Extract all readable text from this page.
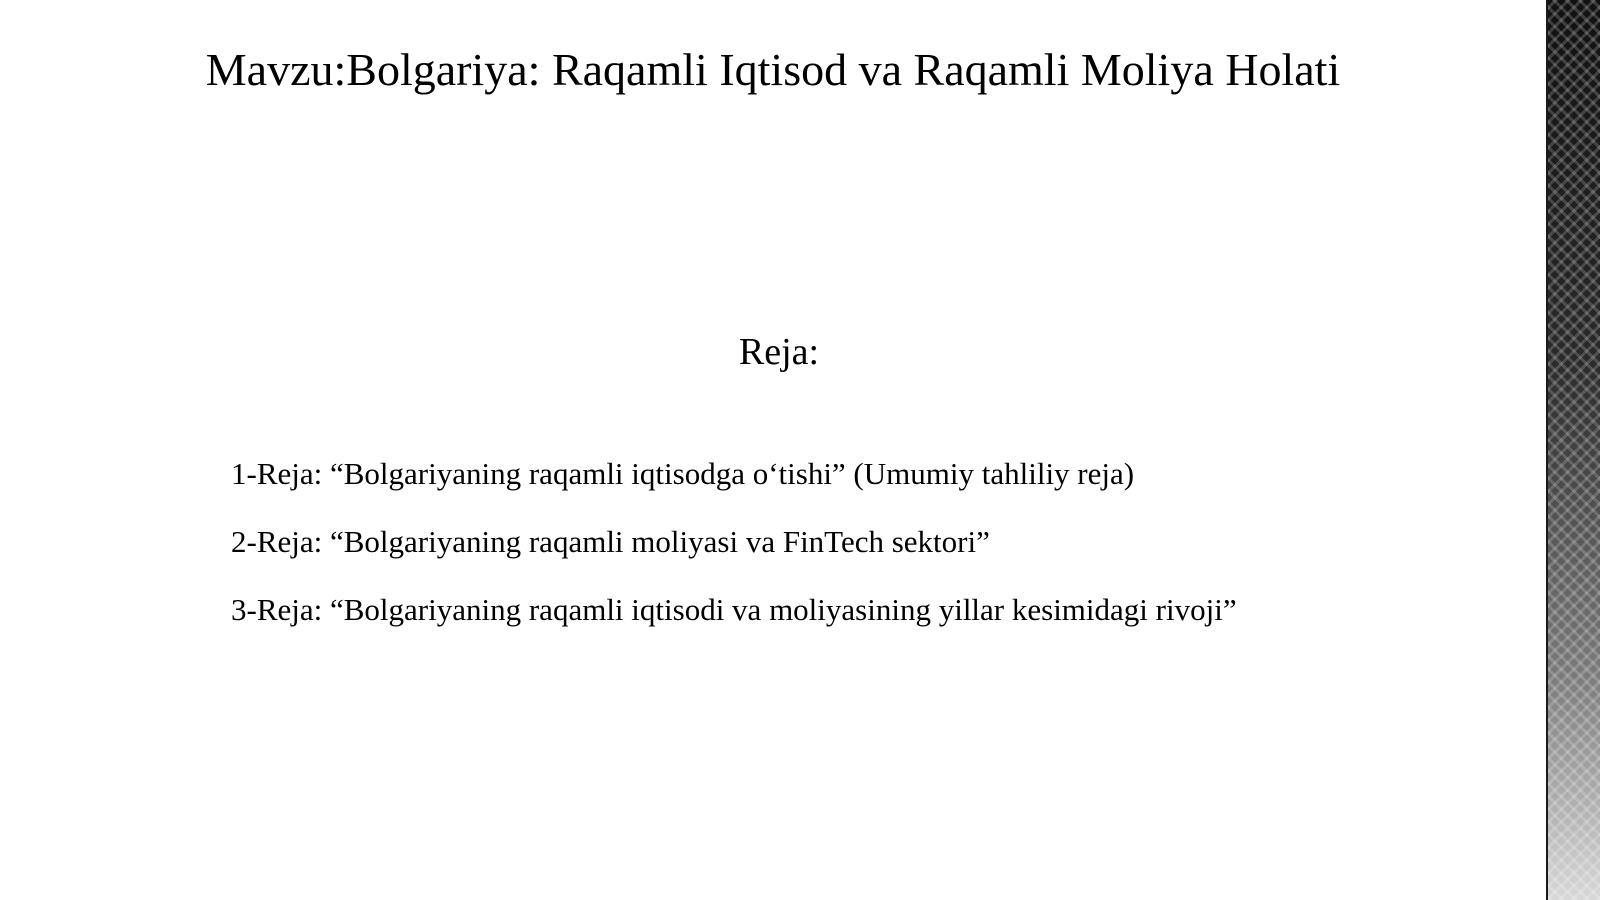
Mavzu:Bolgariya: Raqamli Iqtisod va Raqamli Moliya Holati
Reja:
1-Reja: “Bolgariyaning raqamli iqtisodga o‘tishi” (Umumiy tahliliy reja)
2-Reja: “Bolgariyaning raqamli moliyasi va FinTech sektori”
3-Reja: “Bolgariyaning raqamli iqtisodi va moliyasining yillar kesimidagi rivoji”
